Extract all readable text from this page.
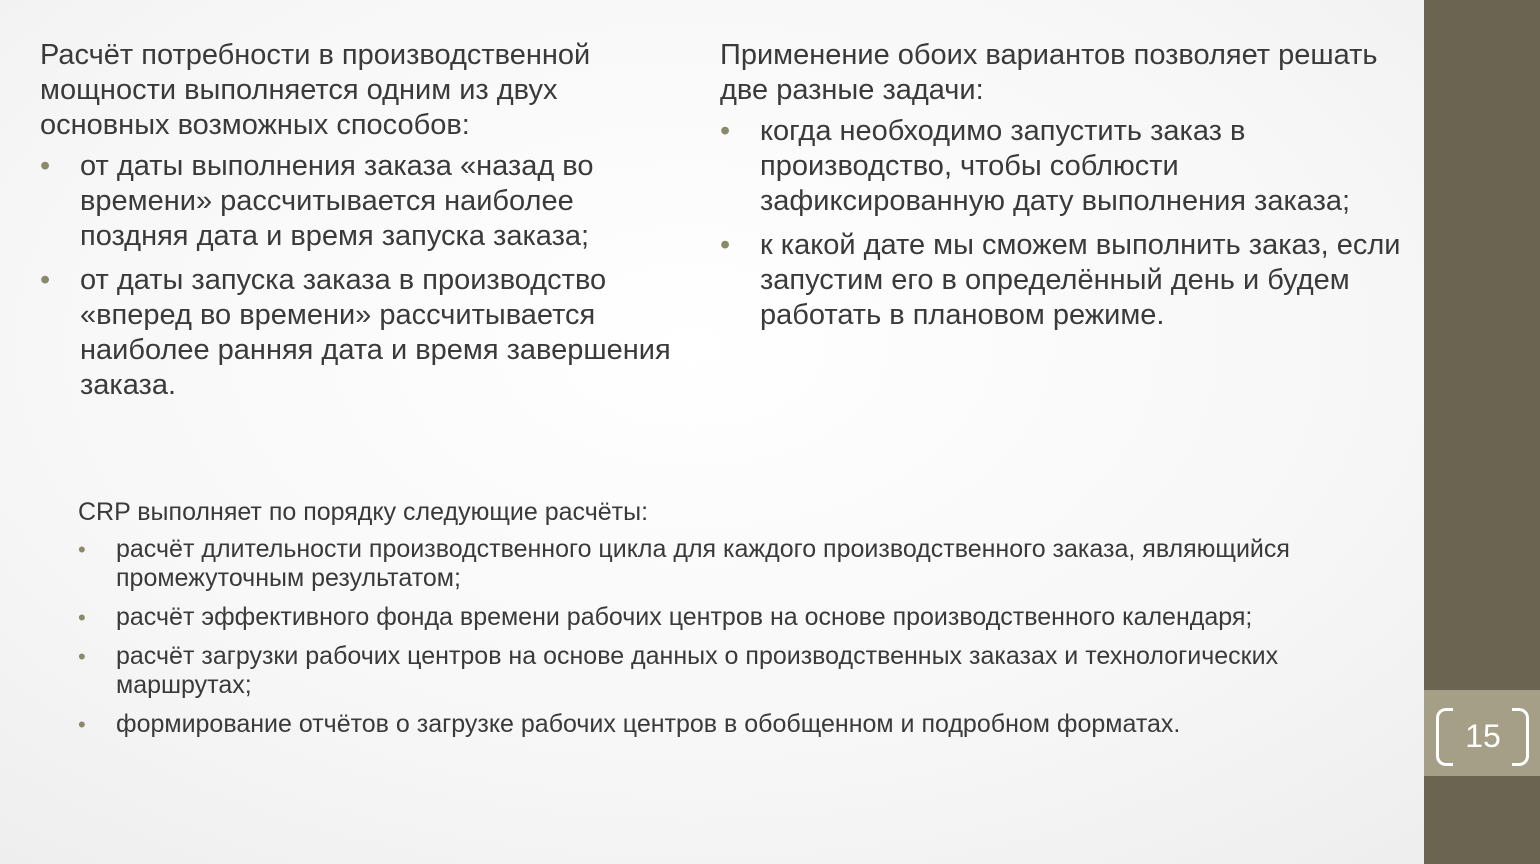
15

Расчёт потребности в производственной мощности выполняется одним из двух основных возможных способов:

• от даты выполнения заказа «назад во времени» рассчитывается наиболее поздняя дата и время запуска заказа;
• от даты запуска заказа в производство «вперед во времени» рассчитывается наиболее ранняя дата и время завершения заказа.

Применение обоих вариантов позволяет решать две разные задачи:

• когда необходимо запустить заказ в производство, чтобы соблюсти зафиксированную дату выполнения заказа;
• к какой дате мы сможем выполнить заказ, если запустим его в определённый день и будем работать в плановом режиме.

CRP выполняет по порядку следующие расчёты:

• расчёт длительности производственного цикла для каждого производственного заказа, являющийся промежуточным результатом;
• расчёт эффективного фонда времени рабочих центров на основе производственного календаря;
• расчёт загрузки рабочих центров на основе данных о производственных заказах и технологических маршрутах;
• формирование отчётов о загрузке рабочих центров в обобщенном и подробном форматах.
